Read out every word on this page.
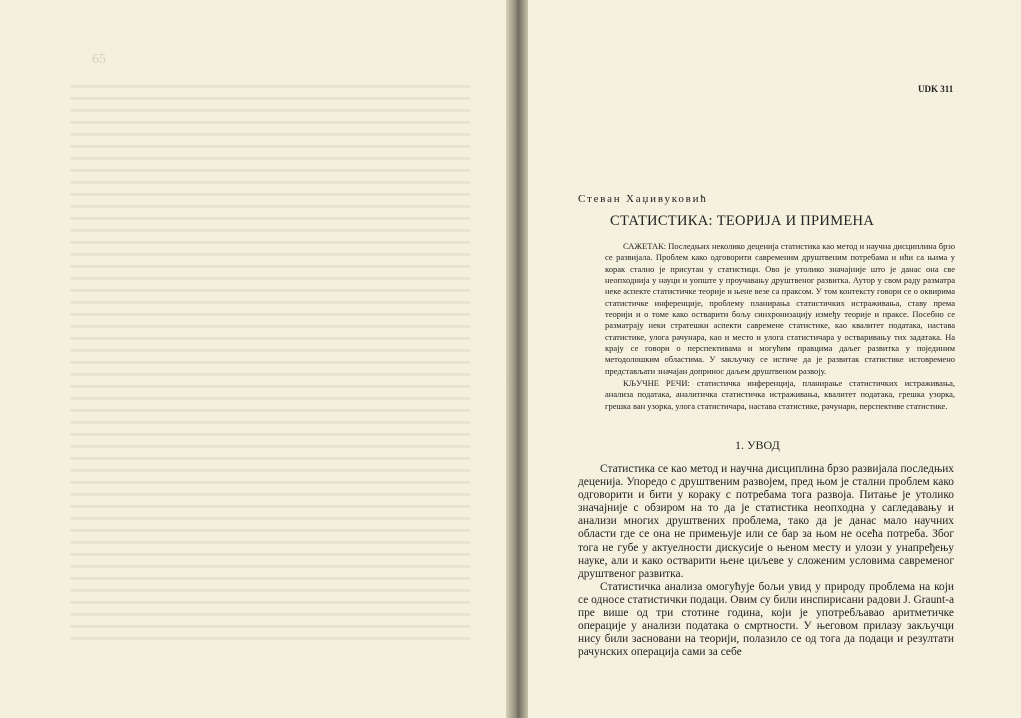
65
UDK 311
Стеван Хаџивуковић
СТАТИСТИКА: ТЕОРИЈА И ПРИМЕНА

САЖЕТАК: Последњих неколико деценија статистика као метод и научна дисциплина брзо се развијала. Проблем како одговорити савременим друштвеним потребама и ићи са њима у корак стално је присутан у статистици. Ово је утолико значајније што је данас она све неопходнија у науци и уопште у проучавању друштвеног развитка. Аутор у свом раду разматра неке аспекте статистичке теорије и њене везе са праксом. У том контексту говори се о оквирима статистичке инференције, проблему планирања статистичких истраживања, ставу према теорији и о томе како остварити бољу синхронизацију између теорије и праксе. Посебно се разматрају неки стратешки аспекти савремене статистике, као квалитет података, настава статистике, улога рачунара, као и место и улога статистичара у остваривању тих задатака. На крају се говори о перспективама и могућим правцима даљег развитка у појединим методолошким областима. У закључку се истиче да је развитак статистике истовремено представљати значајан допринос даљем друштвеном развоју.

КЉУЧНЕ РЕЧИ: статистичка инференција, планирање статистичких истраживања, анализа података, аналитичка статистичка истраживања, квалитет података, грешка узорка, грешка ван узорка, улога статистичара, настава статистике, рачунари, перспективе статистике.

1. УВОД

Статистика се као метод и научна дисциплина брзо развијала последњих деценија. Упоредо с друштвеним развојем, пред њом је стални проблем како одговорити и бити у кораку с потребама тога развоја. Питање је утолико значајније с обзиром на то да је статистика неопходна у сагледавању и анализи многих друштвених проблема, тако да је данас мало научних области где се она не примењује или се бар за њом не осећа потреба. Због тога не губе у актуелности дискусије о њеном месту и улози у унапређењу науке, али и како остварити њене циљеве у сложеним условима савременог друштвеног развитка.

Статистичка анализа омогућује бољи увид у природу проблема на који се односе статистички подаци. Овим су били инспирисани радови J. Graunt-а пре више од три стотине година, који је употребљавао аритметичке операције у анализи података о смртности. У његовом прилазу закључци нису били засновани на теорији, полазило се од тога да подаци и резултати рачунских операција сами за себе
